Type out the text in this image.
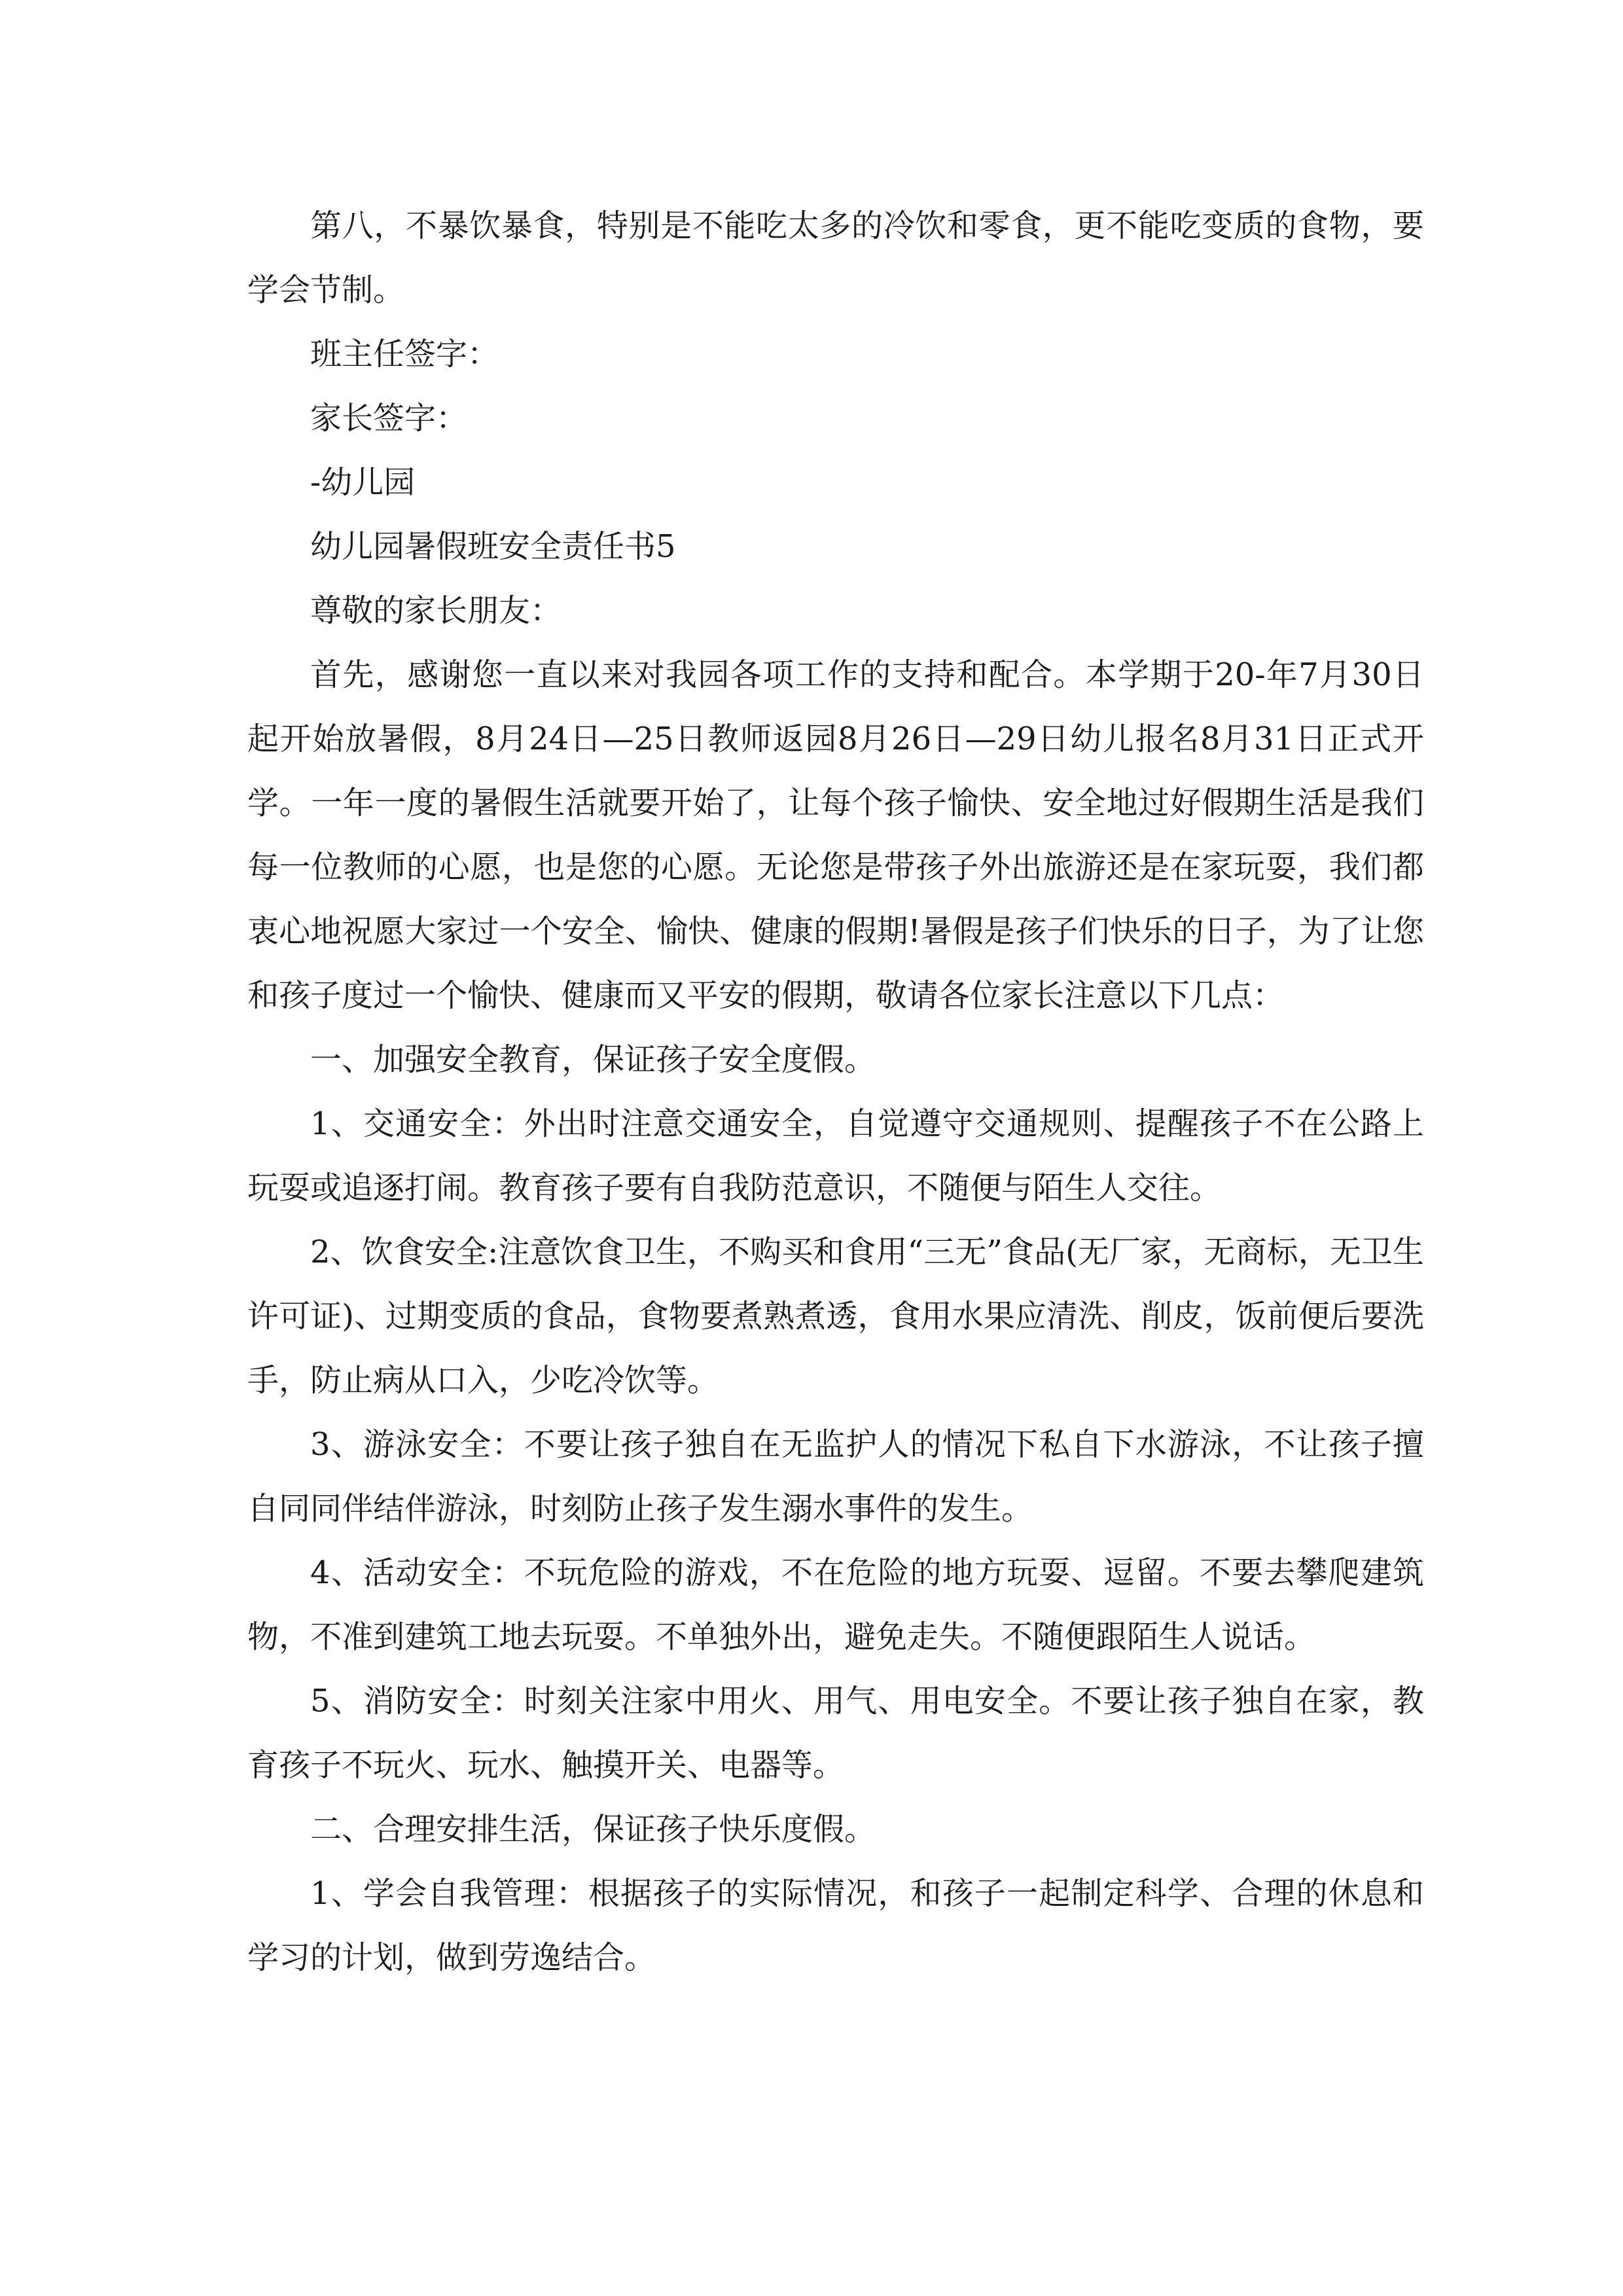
第八，不暴饮暴食，特别是不能吃太多的冷饮和零食，更不能吃变质的食物，要学会节制。

班主任签字：

家长签字：

-幼儿园

幼儿园暑假班安全责任书5

尊敬的家长朋友：

首先，感谢您一直以来对我园各项工作的支持和配合。本学期于20-年7月30日起开始放暑假，8月24日—25日教师返园8月26日—29日幼儿报名8月31日正式开学。一年一度的暑假生活就要开始了，让每个孩子愉快、安全地过好假期生活是我们每一位教师的心愿，也是您的心愿。无论您是带孩子外出旅游还是在家玩耍，我们都衷心地祝愿大家过一个安全、愉快、健康的假期!暑假是孩子们快乐的日子，为了让您和孩子度过一个愉快、健康而又平安的假期，敬请各位家长注意以下几点：

一、加强安全教育，保证孩子安全度假。

1、交通安全：外出时注意交通安全，自觉遵守交通规则、提醒孩子不在公路上玩耍或追逐打闹。教育孩子要有自我防范意识，不随便与陌生人交往。

2、饮食安全:注意饮食卫生，不购买和食用“三无”食品(无厂家，无商标，无卫生许可证)、过期变质的食品，食物要煮熟煮透，食用水果应清洗、削皮，饭前便后要洗手，防止病从口入，少吃冷饮等。

3、游泳安全：不要让孩子独自在无监护人的情况下私自下水游泳，不让孩子擅自同同伴结伴游泳，时刻防止孩子发生溺水事件的发生。

4、活动安全：不玩危险的游戏，不在危险的地方玩耍、逗留。不要去攀爬建筑物，不准到建筑工地去玩耍。不单独外出，避免走失。不随便跟陌生人说话。

5、消防安全：时刻关注家中用火、用气、用电安全。不要让孩子独自在家，教育孩子不玩火、玩水、触摸开关、电器等。

二、合理安排生活，保证孩子快乐度假。

1、学会自我管理：根据孩子的实际情况，和孩子一起制定科学、合理的休息和学习的计划，做到劳逸结合。
